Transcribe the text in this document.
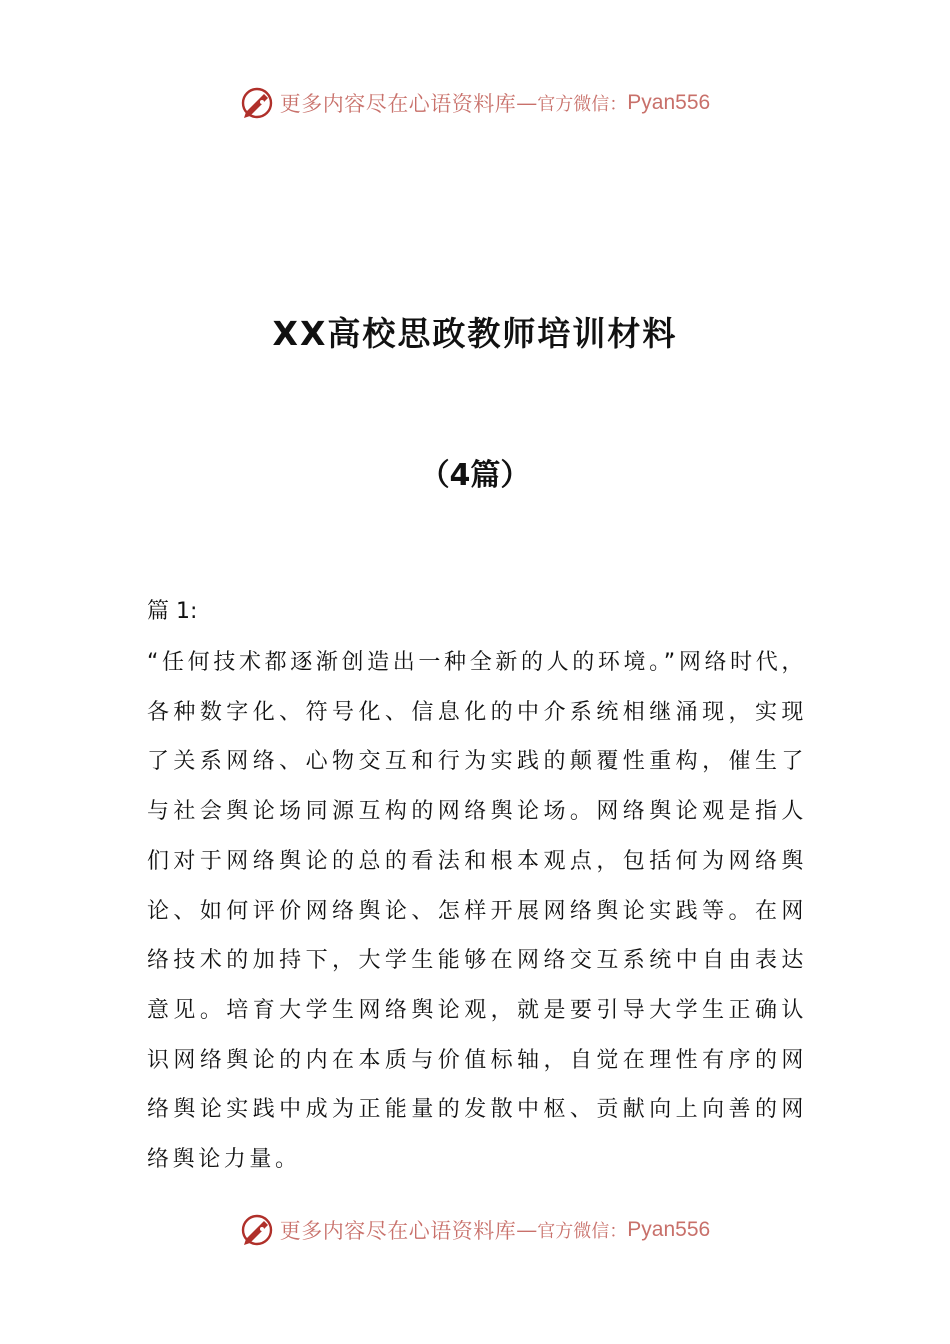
更多内容尽在心语资料库 — 官方微信： Pyan556
XX高校思政教师培训材料
（4篇）
篇 1:

“任何技术都逐渐创造出一种全新的人的环境。”网络时代，各种数字化、符号化、信息化的中介系统相继涌现，实现了关系网络、心物交互和行为实践的颠覆性重构，催生了与社会舆论场同源互构的网络舆论场。网络舆论观是指人们对于网络舆论的总的看法和根本观点，包括何为网络舆论、如何评价网络舆论、怎样开展网络舆论实践等。在网络技术的加持下，大学生能够在网络交互系统中自由表达意见。培育大学生网络舆论观，就是要引导大学生正确认识网络舆论的内在本质与价值标轴，自觉在理性有序的网络舆论实践中成为正能量的发散中枢、贡献向上向善的网络舆论力量。

更多内容尽在心语资料库 — 官方微信： Pyan556
